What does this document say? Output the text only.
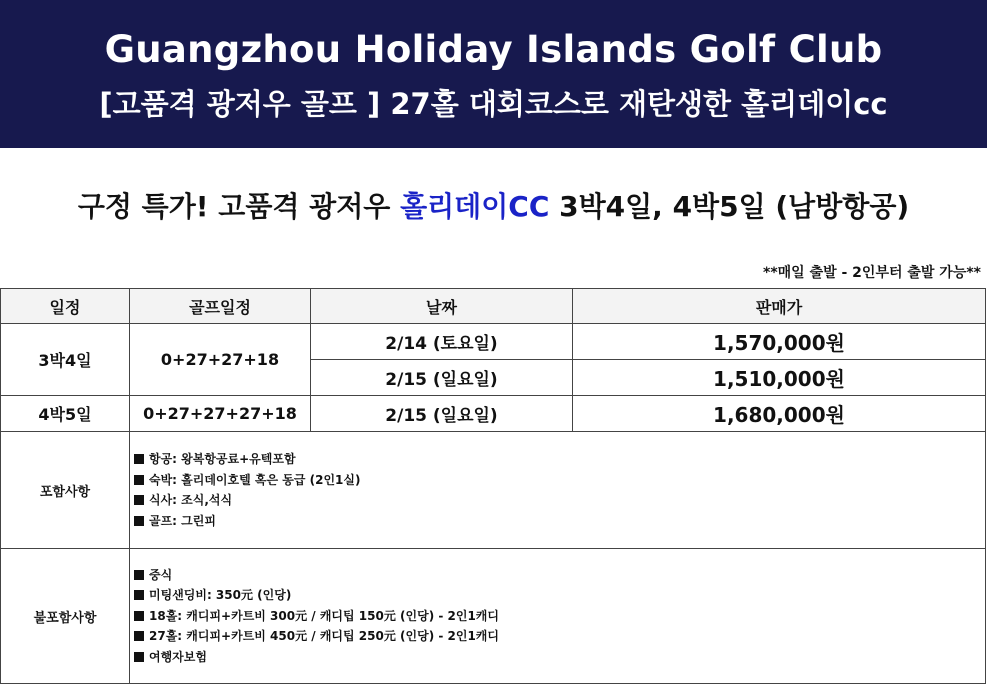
Guangzhou Holiday Islands Golf Club
[고품격 광저우 골프 ] 27홀 대회코스로 재탄생한 홀리데이cc
구정 특가! 고품격 광저우 홀리데이CC 3박4일, 4박5일 (남방항공)
**매일 출발 - 2인부터 출발 가능**
일정	골프일정	날짜	판매가
3박4일	0+27+27+18	2/14 (토요일)	1,570,000원
		2/15 (일요일)	1,510,000원
4박5일	0+27+27+27+18	2/15 (일요일)	1,680,000원
포함사항	항공: 왕복항공료+유텍포함
숙박: 홀리데이호텔 혹은 동급 (2인1실)
식사: 조식,석식
골프: 그린피		

불포함사항	중식
미팅샌딩비: 350元 (인당)
18홀: 캐디피+카트비 300元 / 캐디팁 150元 (인당) - 2인1캐디
27홀: 캐디피+카트비 450元 / 캐디팁 250元 (인당) - 2인1캐디
여행자보험		
